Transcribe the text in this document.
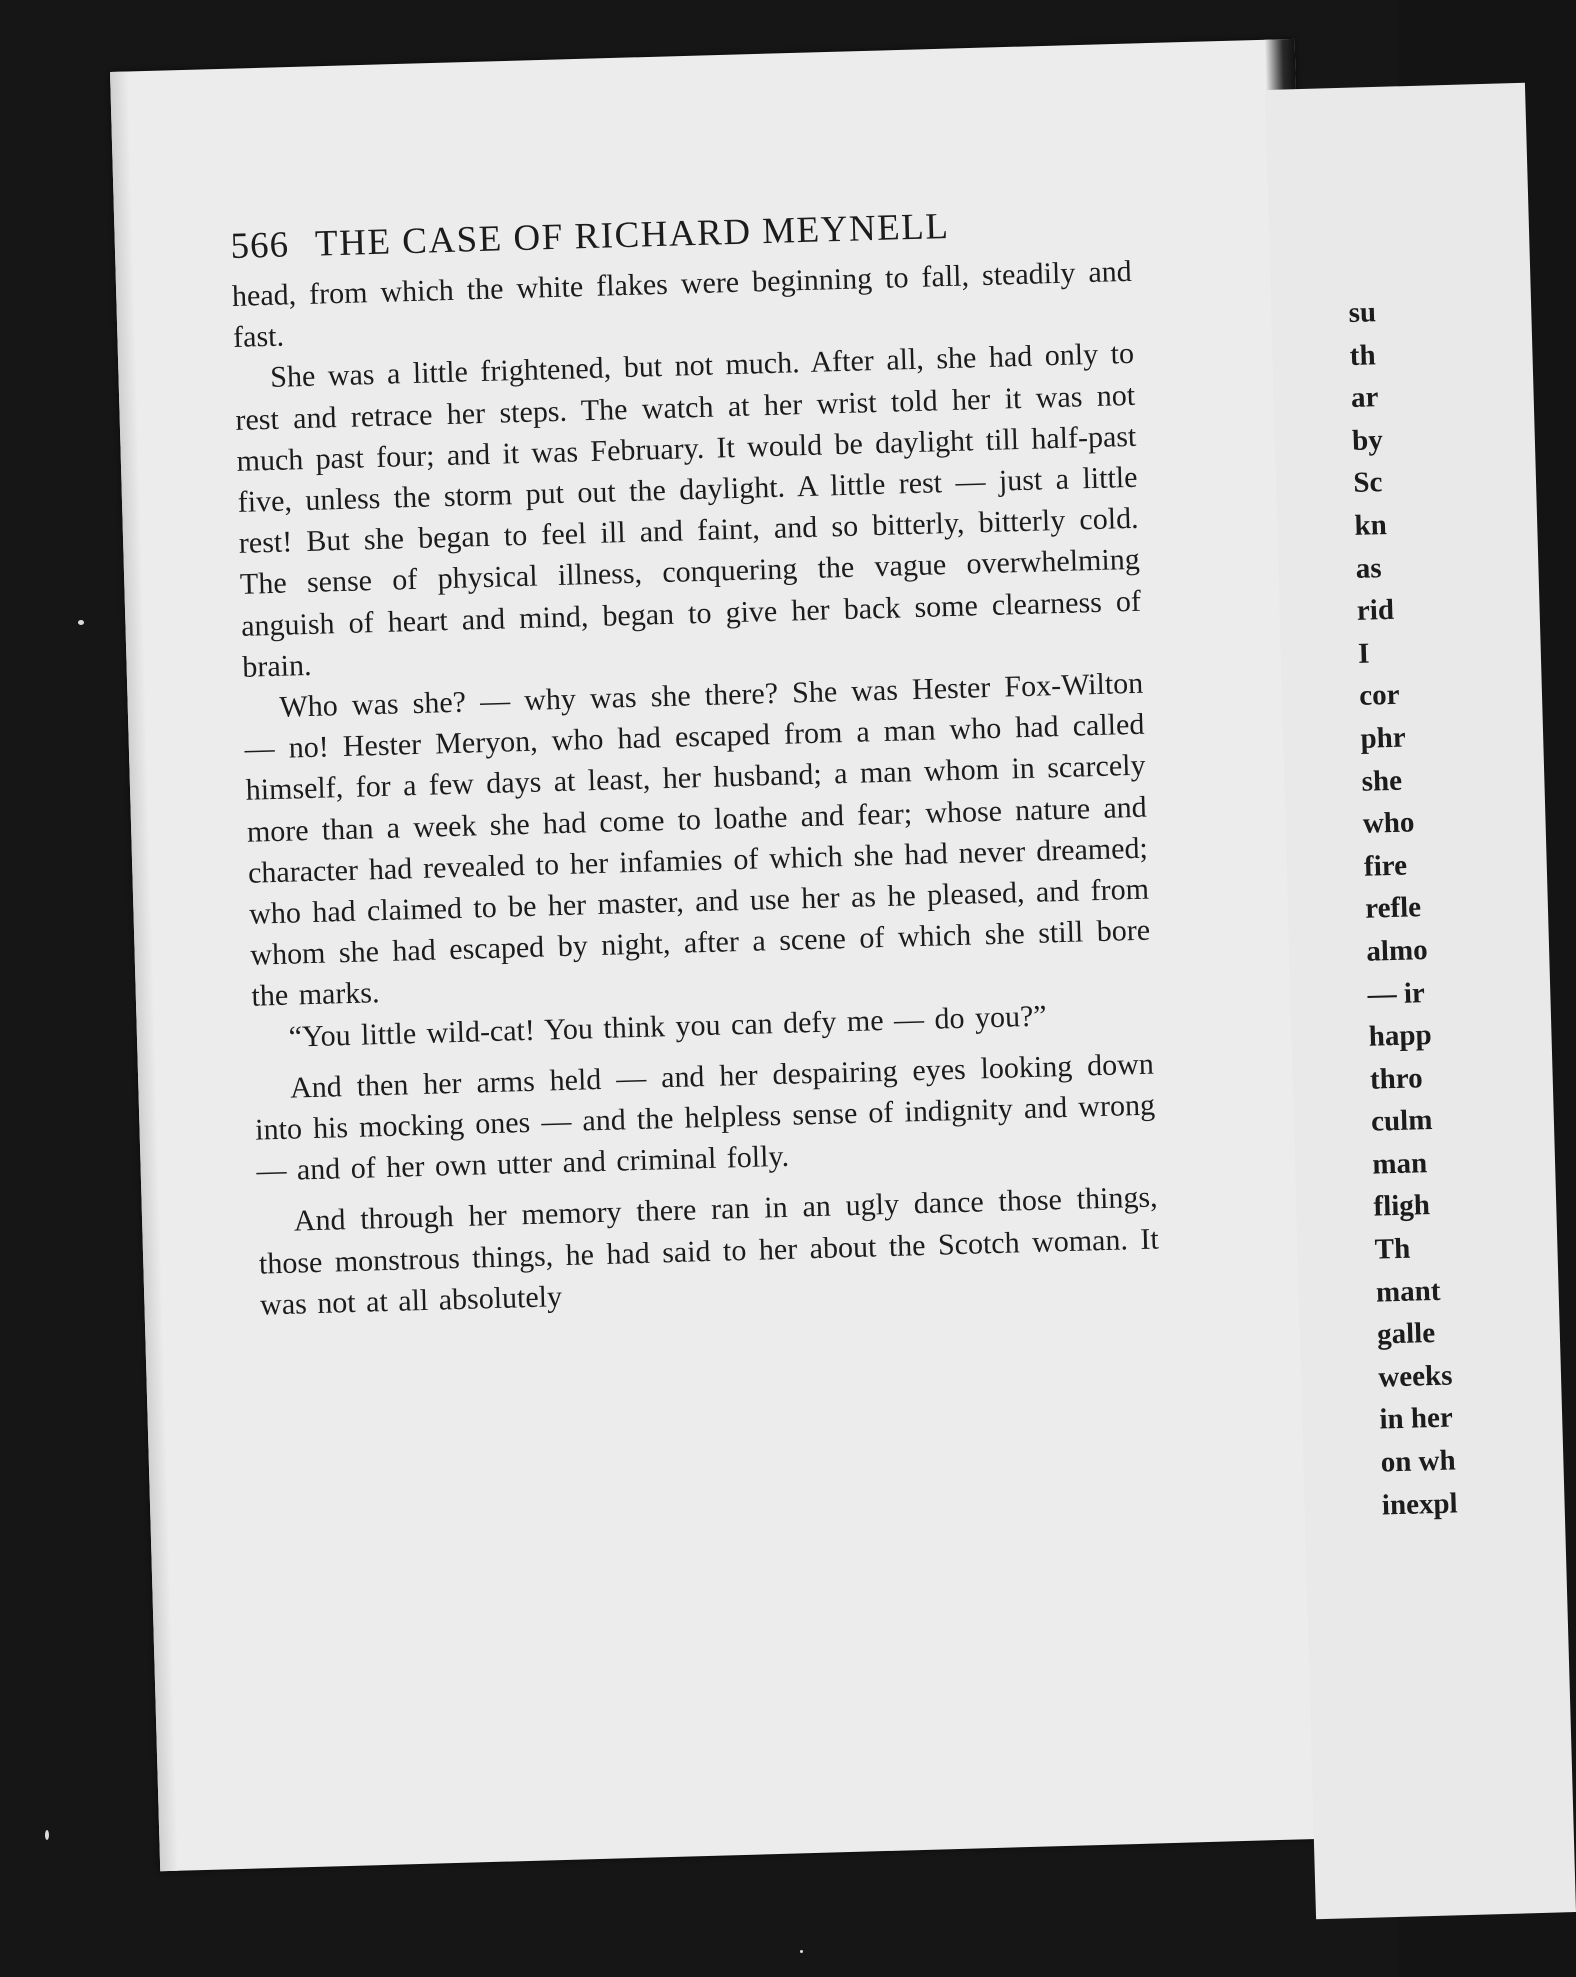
566 THE CASE OF RICHARD MEYNELL

head, from which the white flakes were beginning to fall, steadily and fast.

She was a little frightened, but not much. After all, she had only to rest and retrace her steps. The watch at her wrist told her it was not much past four; and it was February. It would be daylight till half-past five, unless the storm put out the daylight. A little rest — just a little rest! But she began to feel ill and faint, and so bitterly, bitterly cold. The sense of physical illness, conquering the vague overwhelming anguish of heart and mind, began to give her back some clearness of brain.

Who was she? — why was she there? She was Hester Fox-Wilton — no! Hester Meryon, who had escaped from a man who had called himself, for a few days at least, her husband; a man whom in scarcely more than a week she had come to loathe and fear; whose nature and character had revealed to her infamies of which she had never dreamed; who had claimed to be her master, and use her as he pleased, and from whom she had escaped by night, after a scene of which she still bore the marks.

“You little wild-cat! You think you can defy me — do you?”

And then her arms held — and her despairing eyes looking down into his mocking ones — and the helpless sense of indignity and wrong — and of her own utter and criminal folly.

And through her memory there ran in an ugly dance those things, those monstrous things, he had said to her about the Scotch woman. It was not at all absolutely

su
th
ar
by
Sc
kn
as
rid
I
cor
phr
she
who
fire
refle
almo
— ir
happ
thro
culm
man
fligh
Th
mant
galle
weeks
in her
on wh
inexpl
